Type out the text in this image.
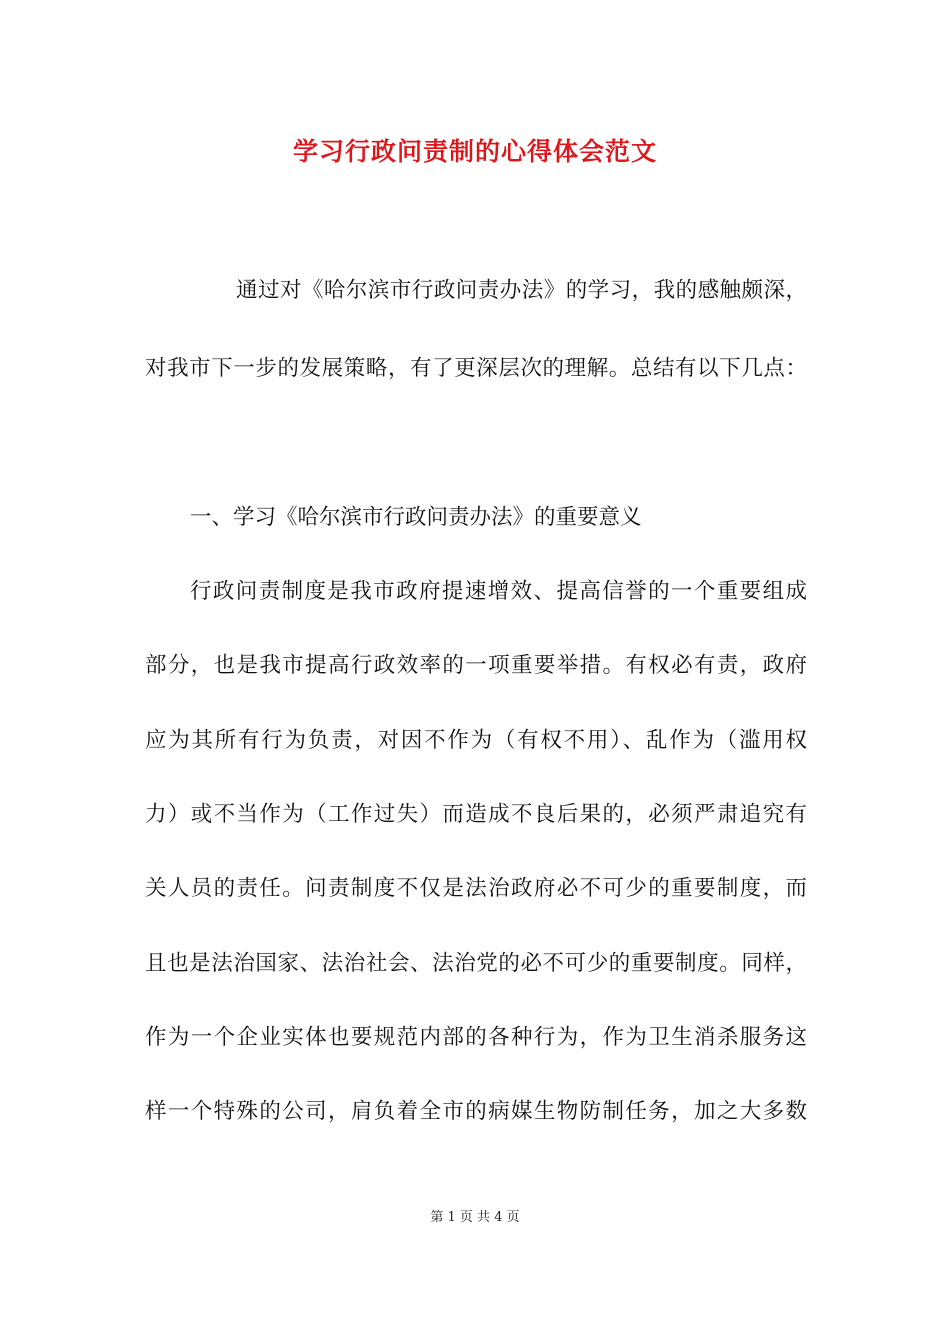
学习行政问责制的心得体会范文
通过对《哈尔滨市行政问责办法》的学习，我的感触颇深，
对我市下一步的发展策略，有了更深层次的理解。总结有以下几点：
一、学习《哈尔滨市行政问责办法》的重要意义
行政问责制度是我市政府提速增效、提高信誉的一个重要组成
部分，也是我市提高行政效率的一项重要举措。有权必有责，政府
应为其所有行为负责，对因不作为（有权不用）、乱作为（滥用权
力）或不当作为（工作过失）而造成不良后果的，必须严肃追究有
关人员的责任。问责制度不仅是法治政府必不可少的重要制度，而
且也是法治国家、法治社会、法治党的必不可少的重要制度。同样，
作为一个企业实体也要规范内部的各种行为，作为卫生消杀服务这
样一个特殊的公司，肩负着全市的病媒生物防制任务，加之大多数
第 1 页 共 4 页
